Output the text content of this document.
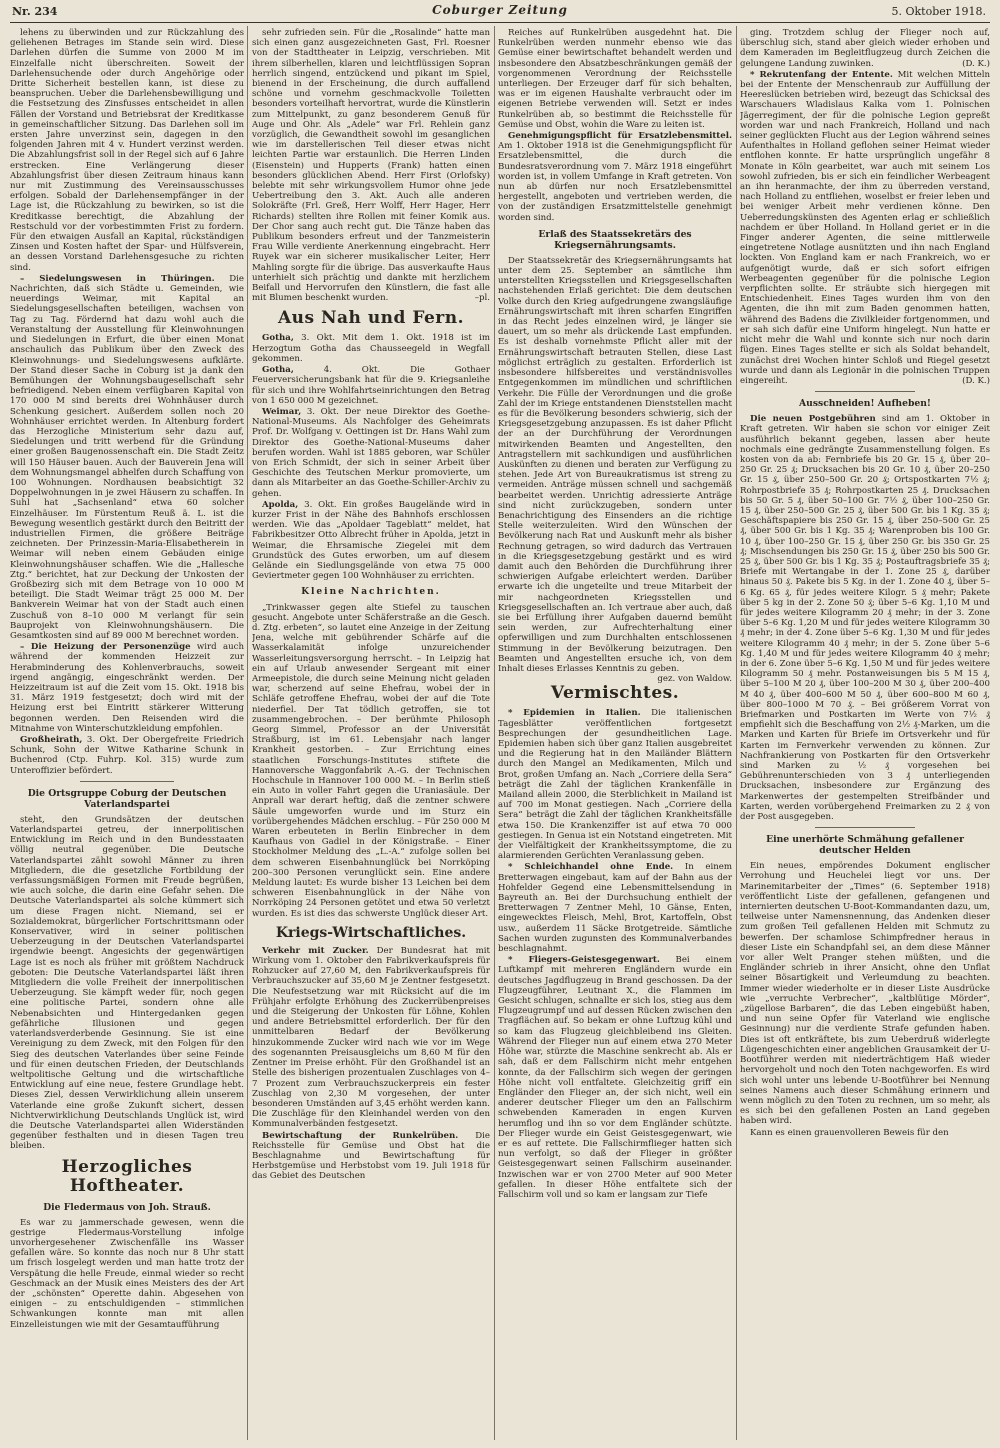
Nr. 234	Coburger Zeitung	5. Oktober 1918.

lehens zu überwinden und zur Rückzahlung des geliehenen Betrages im Stande sein wird. Diese Darlehen dürfen die Summe von 2000 M im Einzelfalle nicht überschreiten. Soweit der Darlehensuchende oder durch Angehörige oder Dritte Sicherheit bestellen kann, ist diese zu beanspruchen. Ueber die Darlehensbewilligung und die Festsetzung des Zinsfusses entscheidet in allen Fällen der Vorstand und Betriebsrat der Kreditkasse in gemeinschaftlicher Sitzung. Das Darlehen soll im ersten Jahre unverzinst sein, dagegen in den folgenden Jahren mit 4 v. Hundert verzinst werden. Die Abzahlungsfrist soll in der Regel sich auf 6 Jahre erstrecken. Eine Verlängerung dieser Abzahlungsfrist über diesen Zeitraum hinaus kann nur mit Zustimmung des Vereinsausschusses erfolgen. Sobald der Darlehensempfänger in der Lage ist, die Rückzahlung zu bewirken, so ist die Kreditkasse berechtigt, die Abzahlung der Restschuld vor der vorbestimmten Frist zu fordern. Für den etwaigen Ausfall an Kapital, rückständigen Zinsen und Kosten haftet der Spar- und Hülfsverein, an dessen Vorstand Darlehensgesuche zu richten sind.

– Siedelungswesen in Thüringen. Die Nachrichten, daß sich Städte u. Gemeinden, wie neuerdings Weimar, mit Kapital an Siedelungsgesellschaften beteiligen, wachsen von Tag zu Tag. Fördernd hat dazu wohl auch die Veranstaltung der Ausstellung für Kleinwohnungen und Siedelungen in Erfurt, die über einen Monat anschaulich das Publikum über den Zweck des Kleinwohnungs- und Siedelungswesens aufklärte. Der Stand dieser Sache in Coburg ist ja dank den Bemühungen der Wohnungsbaugesellschaft sehr befriedigend. Neben einem verfügbaren Kapital von 170 000 M sind bereits drei Wohnhäuser durch Schenkung gesichert. Außerdem sollen noch 20 Wohnhäuser errichtet werden. In Altenburg fordert das Herzogliche Ministerium sehr dazu auf, Siedelungen und tritt werbend für die Gründung einer großen Baugenossenschaft ein. Die Stadt Zeitz will 150 Häuser bauen. Auch der Bauverein Jena will dem Wohnungsmangel abhelfen durch Schaffung von 100 Wohnungen. Nordhausen beabsichtigt 32 Doppelwohnungen in je zwei Häusern zu schaffen. In Suhl hat „Sachsenland“ etwa 60 solcher Einzelhäuser. Im Fürstentum Reuß ä. L. ist die Bewegung wesentlich gestärkt durch den Beitritt der industriellen Firmen, die größere Beiträge zeichneten. Der Prinzessin-Maria-Elisabetherein in Weimar will neben einem Gebäuden einige Kleinwohnungshäuser schaffen. Wie die „Hallesche Ztg.“ berichtet, hat zur Deckung der Unkosten der Großbezirg sich mit dem Betrage von 10 000 M beteiligt. Die Stadt Weimar trägt 25 000 M. Der Bankverein Weimar hat von der Stadt auch einen Zuschuß von 8–10 000 M verlangt für sein Bauprojekt von Kleinwohnungshäusern. Die Gesamtkosten sind auf 89 000 M berechnet worden.

– Die Heizung der Personenzüge wird auch während der kommenden Heizzeit zur Herabminderung des Kohlenverbrauchs, soweit irgend angängig, eingeschränkt werden. Der Heizzeitraum ist auf die Zeit vom 15. Okt. 1918 bis 31. März 1919 festgesetzt; doch wird mit der Heizung erst bei Eintritt stärkerer Witterung begonnen werden. Den Reisenden wird die Mitnahme von Winterschutzkleidung empfohlen.

Großheirath, 3. Okt. Der Obergefreite Friedrich Schunk, Sohn der Witwe Katharine Schunk in Buchenrod (Ctp. Fuhrp. Kol. 315) wurde zum Unteroffizier befördert.

Die Ortsgruppe Coburg der Deutschen Vaterlandspartei

steht, den Grundsätzen der deutschen Vaterlandspartei getreu, der innerpolitischen Entwicklung im Reich und in den Bundesstaaten völlig neutral gegenüber. Die Deutsche Vaterlandspartei zählt sowohl Männer zu ihren Mitgliedern, die die gesetzliche Fortbildung der verfassungsmäßigen Formen mit Freude begrüßen, wie auch solche, die darin eine Gefahr sehen. Die Deutsche Vaterlandspartei als solche kümmert sich um diese Fragen nicht. Niemand, sei er Sozialdemokrat, bürgerlicher Fortschrittsmann oder Konservativer, wird in seiner politischen Ueberzeugung in der Deutschen Vaterlandspartei irgendwie beengt. Angesichts der gegenwärtigen Lage ist es noch als früher mit größtem Nachdruck geboten: Die Deutsche Vaterlandspartei läßt ihren Mitgliedern die volle Freiheit der innerpolitischen Ueberzeugung. Sie kämpft weder für, noch gegen eine politische Partei, sondern ohne alle Nebenabsichten und Hintergedanken gegen gefährliche Illusionen und gegen vaterlandsverderbende Gesinnung. Sie ist eine Vereinigung zu dem Zweck, mit den Folgen für den Sieg des deutschen Vaterlandes über seine Feinde und für einen deutschen Frieden, der Deutschlands weltpolitische Geltung und die wirtschaftliche Entwicklung auf eine neue, festere Grundlage hebt. Dieses Ziel, dessen Verwirklichung allein unserem Vaterlande eine große Zukunft sichert, dessen Nichtverwirklichung Deutschlands Unglück ist, wird die Deutsche Vaterlandspartei allen Widerständen gegenüber festhalten und in diesen Tagen treu bleiben.

Herzogliches Hoftheater.
Die Fledermaus von Joh. Strauß.

Es war zu jammerschade gewesen, wenn die gestrige Fledermaus-Vorstellung infolge unvorhergesehener Zwischenfälle ins Wasser gefallen wäre. So konnte das noch nur 8 Uhr statt um frisch losgelegt werden und man hatte trotz der Verspätung die helle Freude, einmal wieder so recht Geschmack an der Musik eines Meisters des der Art der „schönsten“ Operette dahin. Abgesehen von einigen – zu entschuldigenden – stimmlichen Schwankungen konnte man mit allen Einzelleistungen wie mit der Gesamtaufführung

sehr zufrieden sein. Für die „Rosalinde“ hatte man sich einen ganz ausgezeichneten Gast, Frl. Roesner von der Stadttheater in Leipzig, verschrieben. Mit ihrem silberhellen, klaren und leichtflüssigen Sopran herrlich singend, entzückend und pikant im Spiel, bienend in der Erscheinung, die durch auffallend schöne und vornehm geschmackvolle Toiletten besonders vorteilhaft hervortrat, wurde die Künstlerin zum Mittelpunkt, zu ganz besonderem Genuß für Auge und Ohr. Als „Adele“ war Frl. Rehlein ganz vorzüglich, die Gewandtheit sowohl im gesanglichen wie im darstellerischen Teil dieser etwas nicht leichten Partie war erstaunlich. Die Herren Linden (Eisenstein) und Hupperts (Frank) hatten einen besonders glücklichen Abend. Herr First (Orlofsky) belebte mit sehr wirkungsvollem Humor ohne jede Uebertreibung den 3. Akt. Auch alle anderen Solokräfte (Frl. Greß, Herr Wolff, Herr Hager, Herr Richards) stellten ihre Rollen mit feiner Komik aus. Der Chor sang auch recht gut. Die Tänze haben das Publikum besonders erfreut und der Tanzmeisterin Frau Wille verdiente Anerkennung eingebracht. Herr Ruyek war ein sicherer musikalischer Leiter, Herr Mahling sorgte für die übrige. Das ausverkaufte Haus unterhielt sich prächtig und dankte mit herzlichem Beifall und Hervorrufen den Künstlern, die fast alle mit Blumen beschenkt wurden.	–pl.

Aus Nah und Fern.

Gotha, 3. Okt. Mit dem 1. Okt. 1918 ist im Herzogtum Gotha das Chausseegeld in Wegfall gekommen.

Gotha,	4. Okt. Die Gothaer Feuerversicherungsbank hat für die 9. Kriegsanleihe für sich und ihre Wohlfahrtseinrichtungen den Betrag von 1 650 000 M gezeichnet.

Weimar, 3. Okt. Der neue Direktor des Goethe-National-Museums. Als Nachfolger des Geheimrats Prof. Dr. Wolfgang v. Oettingen ist Dr. Hans Wahl zum Direktor des Goethe-National-Museums daher berufen worden. Wahl ist 1885 geboren, war Schüler von Erich Schmidt, der sich in seiner Arbeit über Geschichte des Teutschen Merkur promovierte, um dann als Mitarbeiter an das Goethe-Schiller-Archiv zu gehen.

Apolda, 3. Okt. Ein großes Baugelände wird in kurzer Frist in der Nähe des Bahnhofs erschlossen werden. Wie das „Apoldaer Tageblatt“ meldet, hat Fabrikbesitzer Otto Albrecht früher in Apolda, jetzt in Weimar, die Ehrsamische Ziegelei mit dem Grundstück des Gutes erworben, um auf diesem Gelände ein Siedlungsgelände von etwa 75 000 Geviertmeter gegen 100 Wohnhäuser zu errichten.

Kleine Nachrichten.

„Trinkwasser gegen alte Stiefel zu tauschen gesucht. Angebote unter Schäferstraße an die Gesch. d. Ztg. erbeten“, so lautet eine Anzeige in der Zeitung Jena, welche mit gebührender Schärfe auf die Wasserkalamität infolge unzureichender Wasserleitungsversorgung herrscht. – In Leipzig hat ein auf Urlaub anwesender Sergeant mit einer Armeepistole, die durch seine Meinung nicht geladen war, scherzend auf seine Ehefrau, wobei der in Schläfe getroffene Ehefrau, wobei der auf die Tote niederfiel. Der Tat tödlich getroffen, sie tot zusammengebrochen. – Der berühmte Philosoph Georg Simmel, Professor an der Universität Straßburg, ist im 61. Lebensjahr nach langer Krankheit gestorben. – Zur Errichtung eines staatlichen Forschungs-Institutes stiftete die Hannoversche Waggonfabrik A.-G. der Technischen Hochschule in Hannover 100 000 M. – In Berlin stieß ein Auto in voller Fahrt gegen die Uraniasäule. Der Anprall war derart heftig, daß die zentner schwere Säule umgeworfen wurde und im Sturz ein vorübergehendes Mädchen erschlug. – Für 250 000 M Waren erbeuteten in Berlin Einbrecher in dem Kaufhaus von Gadiel in der Königstraße. – Einer Stockholmer Meldung des „L.-A.“ zufolge sollen bei dem schweren Eisenbahnunglück bei Norrköping 200–300 Personen verunglückt sein. Eine andere Meldung lautet: Es wurde bisher 13 Leichen bei dem schweren Eisenbahnunglück in der Nähe von Norrköping 24 Personen getötet und etwa 50 verletzt wurden. Es ist dies das schwerste Unglück dieser Art.

Kriegs-Wirtschaftliches.

Verkehr mit Zucker. Der Bundesrat hat mit Wirkung vom 1. Oktober den Fabrikverkaufspreis für Rohzucker auf 27,60 M, den Fabrikverkaufspreis für Verbrauchszucker auf 35,60 M je Zentner festgesetzt. Die Neufestsetzung war mit Rücksicht auf die im Frühjahr erfolgte Erhöhung des Zuckerrübenpreises und die Steigerung der Unkosten für Löhne, Kohlen und andere Betriebsmittel erforderlich. Der für den unmittelbaren Bedarf der Bevölkerung hinzukommende Zucker wird nach wie vor im Wege des sogenannten Preisausgleichs um 8,60 M für den Zentner im Preise erhöht. Für den Großhandel ist an Stelle des bisherigen prozentualen Zuschlages von 4–7 Prozent zum Verbrauchszuckerpreis ein fester Zuschlag von 2,30 M vorgesehen, der unter besonderen Umständen auf 3,45 erhöht werden kann. Die Zuschläge für den Kleinhandel werden von den Kommunalverbänden festgesetzt.

Bewirtschaftung der Runkelrüben. Die Reichsstelle für Gemüse und Obst hat die Beschlagnahme und Bewirtschaftung für Herbstgemüse und Herbstobst vom 19. Juli 1918 für das Gebiet des Deutschen

Reiches auf Runkelrüben ausgedehnt hat. Die Runkelrüben werden nunmehr ebenso wie das Gemüse einer bewirtschaftet behandelt werden und insbesondere den Absatzbeschränkungen gemäß der vorgenommenen Verordnung der Reichsstelle unterliegen. Der Erzeuger darf für sich behalten, was er im eigenen Haushalte verbraucht oder im eigenen Betriebe verwenden will. Setzt er indes Runkelrüben ab, so bestimmt die Reichsstelle für Gemüse und Obst, wohin die Ware zu leiten ist.

Genehmigungspflicht für Ersatzlebensmittel. Am 1. Oktober 1918 ist die Genehmigungspflicht für Ersatzlebensmittel, die durch die Bundesratsverordnung vom 7. März 1918 eingeführt worden ist, in vollem Umfange in Kraft getreten. Von nun ab dürfen nur noch Ersatzlebensmittel hergestellt, angeboten und vertrieben werden, die von der zuständigen Ersatzmittelstelle genehmigt worden sind.

Erlaß des Staatssekretärs des Kriegsernährungsamts.

Der Staatssekretär des Kriegsernährungsamts hat unter dem 25. September an sämtliche ihm unterstellten Kriegsstellen und Kriegsgesellschaften nachstehenden Erlaß gerichtet: Die dem deutschen Volke durch den Krieg aufgedrungene zwangsläufige Ernährungswirtschaft mit ihren scharfen Eingriffen in das Recht jedes einzelnen wird, je länger sie dauert, um so mehr als drückende Last empfunden. Es ist deshalb vornehmste Pflicht aller mit der Ernährungswirtschaft betrauten Stellen, diese Last möglichst erträglich zu gestalten. Erforderlich ist insbesondere hilfsbereites und verständnisvolles Entgegenkommen im mündlichen und schriftlichen Verkehr. Die Fülle der Verordnungen und die große Zahl der im Kriege entstandenen Dienststellen macht es für die Bevölkerung besonders schwierig, sich der Kriegsgesetzgebung anzupassen. Es ist daher Pflicht der an der Durchführung der Verordnungen mitwirkenden Beamten und Angestellten, den Antragstellern mit sachkundigen und ausführlichen Auskünften zu dienen und beraten zur Verfügung zu stehen. Jede Art von Bureaukratismus ist streng zu vermeiden. Anträge müssen schnell und sachgemäß bearbeitet werden. Unrichtig adressierte Anträge sind nicht zurückzugeben, sondern unter Benachrichtigung des Einsenders an die richtige Stelle weiterzuleiten. Wird den Wünschen der Bevölkerung nach Rat und Auskunft mehr als bisher Rechnung getragen, so wird dadurch das Vertrauen in die Kriegsgesetzgebung gestärkt und es wird damit auch den Behörden die Durchführung ihrer schwierigen Aufgabe erleichtert werden. Darüber erwarte ich die ungeteilte und treue Mitarbeit der mir nachgeordneten Kriegsstellen und Kriegsgesellschaften an. Ich vertraue aber auch, daß sie bei Erfüllung ihrer Aufgaben dauernd bemüht sein werden, zur Aufrechterhaltung einer opferwilligen und zum Durchhalten entschlossenen Stimmung in der Bevölkerung beizutragen. Den Beamten und Angestellten ersuche ich, von dem Inhalt dieses Erlasses Kenntnis zu geben.
gez. von Waldow.

Vermischtes.

* Epidemien in Italien. Die italienischen Tagesblätter veröffentlichen fortgesetzt Besprechungen der gesundheitlichen Lage. Epidemien haben sich über ganz Italien ausgebreitet und die Regierung hat in den Mailänder Blättern durch den Mangel an Medikamenten, Milch und Brot, großen Umfang an. Nach „Corriere della Sera“ beträgt die Zahl der täglichen Krankenfälle in Mailand allein 2000, die Sterblichkeit in Mailand ist auf 700 im Monat gestiegen. Nach „Corriere della Sera“ beträgt die Zahl der täglichen Krankheitsfälle etwa 150. Die Krankenziffer ist auf etwa 70 000 gestiegen. In Genua ist ein Notstand eingetreten. Mit der Vielfältigkeit der Krankheitssymptome, die zu alarmierenden Gerüchten Veranlassung geben.

* Schleichhandel ohne Ende. In einem Bretterwagen eingebaut, kam auf der Bahn aus der Hohfelder Gegend eine Lebensmittelsendung in Bayreuth an. Bei der Durchsuchung enthielt der Bretterwagen 7 Zentner Mehl, 10 Gänse, Enten, eingewecktes Fleisch, Mehl, Brot, Kartoffeln, Obst usw., außerdem 11 Säcke Brotgetreide. Sämtliche Sachen wurden zugunsten des Kommunalverbandes beschlagnahmt.

* Fliegers-Geistesgegenwart. Bei einem Luftkampf mit mehreren Engländern wurde ein deutsches Jagdflugzeug in Brand geschossen. Da der Flugzeugführer, Leutnant X., die Flammen im Gesicht schlugen, schnallte er sich los, stieg aus dem Flugzeugrumpf und auf dessen Rücken zwischen den Tragflächen auf. So bekam er ohne Luftzug kühl und so kam das Flugzeug gleichbleibend ins Gleiten. Während der Flieger nun auf einem etwa 270 Meter Höhe war, stürzte die Maschine senkrecht ab. Als er sah, daß er dem Fallschirm nicht mehr entgehen konnte, da der Fallschirm sich wegen der geringen Höhe nicht voll entfaltete. Gleichzeitig griff ein Engländer den Flieger an, der sich nicht, weil ein anderer deutscher Flieger um den an Fallschirm schwebenden Kameraden in engen Kurven herumflog und ihn so vor dem Engländer schützte. Der Flieger wurde ein Geist Geistesgegenwart, wie er es auf rettete. Die Fallschirmflieger hatten sich nun verfolgt, so daß der Flieger in größter Geistesgegenwart seinen Fallschirm auseinander. Inzwischen war er von 2700 Meter auf 900 Meter gefallen. In dieser Höhe entfaltete sich der Fallschirm voll und so kam er langsam zur Tiefe

ging. Trotzdem schlug der Flieger noch auf, überschlug sich, stand aber gleich wieder erhoben und dem Kameraden im Begleitflugzeug durch Zeichen die gelungene Landung zuwinken.	(D. K.)

* Rekrutenfang der Entente. Mit welchen Mitteln bei der Entente der Menschenraub zur Auffüllung der Heereslücken betrieben wird, bezeugt das Schicksal des Warschauers Wladislaus Kalka vom 1. Polnischen Jägerregiment, der für die polnische Legion gepreßt worden war und nach Frankreich, Holland und nach seiner geglückten Flucht aus der Legion während seines Aufenthaltes in Holland geflohen seiner Heimat wieder entflohen konnte. Er hatte ursprünglich ungefähr 8 Monate in Köln gearbeitet, war auch mit seinem Los sowohl zufrieden, bis er sich ein feindlicher Werbeagent an ihn heranmachte, der ihm zu überreden verstand, nach Holland zu entfliehen, woselbst er freier leben und bei weniger Arbeit mehr verdienen könne. Den Ueberredungskünsten des Agenten erlag er schließlich nachdem er über Holland. In Holland geriet er in die Finger anderer Agenten, die seine mittlerweile eingetretene Notlage ausnützten und ihn nach England lockten. Von England kam er nach Frankreich, wo er aufgenötigt wurde, daß er sich sofort eifrigen Werbeagenten gegenüber für die polnische Legion verpflichten sollte. Er sträubte sich hiergegen mit Entschiedenheit. Eines Tages wurden ihm von den Agenten, die ihn mit zum Baden genommen hatten, während des Badens die Zivilkleider fortgenommen, und er sah sich dafür eine Uniform hingelegt. Nun hatte er nicht mehr die Wahl und konnte sich nur noch darin fügen. Eines Tages stellte er sich als Soldat behandelt, zunächst drei Wochen hinter Schloß und Riegel gesetzt wurde und dann als Legionär in die polnischen Truppen eingereiht.	(D. K.)

Ausschneiden! Aufheben!

Die neuen Postgebühren sind am 1. Oktober in Kraft getreten. Wir haben sie schon vor einiger Zeit ausführlich bekannt gegeben, lassen aber heute nochmals eine gedrängte Zusammenstellung folgen. Es kosten von da ab: Fernbriefe bis 20 Gr. 15 ₰, über 20–250 Gr. 25 ₰; Drucksachen bis 20 Gr. 10 ₰, über 20–250 Gr. 15 ₰, über 250–500 Gr. 20 ₰; Ortspostkarten 7½ ₰; Rohrpostbriefe 35 ₰; Rohrpostkarten 25 ₰. Drucksachen bis 50 Gr. 5 ₰, über 50–100 Gr. 7½ ₰, über 100–250 Gr. 15 ₰, über 250–500 Gr. 25 ₰, über 500 Gr. bis 1 Kg. 35 ₰; Geschäftspapiere bis 250 Gr. 15 ₰, über 250–500 Gr. 25 ₰, über 500 Gr. bis 1 Kg. 35 ₰; Warenproben bis 100 Gr. 10 ₰, über 100–250 Gr. 15 ₰, über 250 Gr. bis 350 Gr. 25 ₰; Mischsendungen bis 250 Gr. 15 ₰, über 250 bis 500 Gr. 25 ₰, über 500 Gr. bis 1 Kg. 35 ₰; Postauftragsbriefe 35 ₰; Briefe mit Wertangabe in der 1. Zone 25 ₰, darüber hinaus 50 ₰. Pakete bis 5 Kg. in der 1. Zone 40 ₰, über 5–6 Kg. 65 ₰, für jedes weitere Kilogr. 5 ₰ mehr; Pakete über 5 kg in der 2. Zone 50 ₰; über 5–6 Kg. 1,10 M und für jedes weitere Kilogramm 20 ₰ mehr; in der 3. Zone über 5–6 Kg. 1,20 M und für jedes weitere Kilogramm 30 ₰ mehr; in der 4. Zone über 5–6 Kg. 1,30 M und für jedes weitere Kilogramm 40 ₰ mehr; in der 5. Zone über 5–6 Kg. 1,40 M und für jedes weitere Kilogramm 40 ₰ mehr; in der 6. Zone über 5–6 Kg. 1,50 M und für jedes weitere Kilogramm 50 ₰ mehr. Postanweisungen bis 5 M 15 ₰, über 5–100 M 20 ₰, über 100–200 M 30 ₰, über 200–400 M 40 ₰, über 400–600 M 50 ₰, über 600–800 M 60 ₰, über 800–1000 M 70 ₰. – Bei größerem Vorrat von Briefmarken und Postkarten im Werte von 7½ ₰ empfiehlt sich die Beschaffung von 2½ ₰-Marken, um die Marken und Karten für Briefe im Ortsverkehr und für Karten im Fernverkehr verwenden zu können. Zur Nachfrankierung von Postkarten für den Ortsverkehr sind Marken zu ½ ₰ vorgesehen bei Gebührenunterschieden von 3 ₰ unterliegenden Drucksachen, insbesondere zur Ergänzung des Markenwertes der gestempelten Streifbänder und Karten, werden vorübergehend Freimarken zu 2 ₰ von der Post ausgegeben.

Eine unerhörte Schmähung gefallener deutscher Helden

Ein neues, empörendes Dokument englischer Verrohung und Heuchelei liegt vor uns. Der Marinemitarbeiter der „Times“ (6. September 1918) veröffentlicht Liste der gefallenen, gefangenen und internierten deutschen U-Boot-Kommandanten dazu, um, teilweise unter Namensnennung, das Andenken dieser zum großen Teil gefallenen Helden mit Schmutz zu bewerfen. Der schamlose Schimpfredner heraus in dieser Liste ein Schandpfahl sei, an dem diese Männer vor aller Welt Pranger stehen müßten, und die Engländer schrieb in ihrer Ansicht, ohne den Unflat seiner Bösartigkeit und Verleumdung zu beachten. Immer wieder wiederholte er in dieser Liste Ausdrücke wie „verruchte Verbrecher“, „kaltblütige Mörder“, „zügellose Barbaren“, die das Leben eingebüßt haben, und nun seine Opfer für Vaterland wie englische Gesinnung) nur die verdiente Strafe gefunden haben. Dies ist oft entkräftete, bis zum Ueberdruß widerlegte Lügengeschichten einer angeblichen Grausamkeit der U-Bootführer werden mit niederträchtigem Haß wieder hervorgeholt und noch den Toten nachgeworfen. Es wird sich wohl unter uns lebende U-Bootführer bei Nennung seines Namens auch dieser Schmähung erinnern und wenn möglich zu den Toten zu rechnen, um so mehr, als es sich bei den gefallenen Posten an Land gegeben haben wird.

Kann es einen grauenvolleren Beweis für den
